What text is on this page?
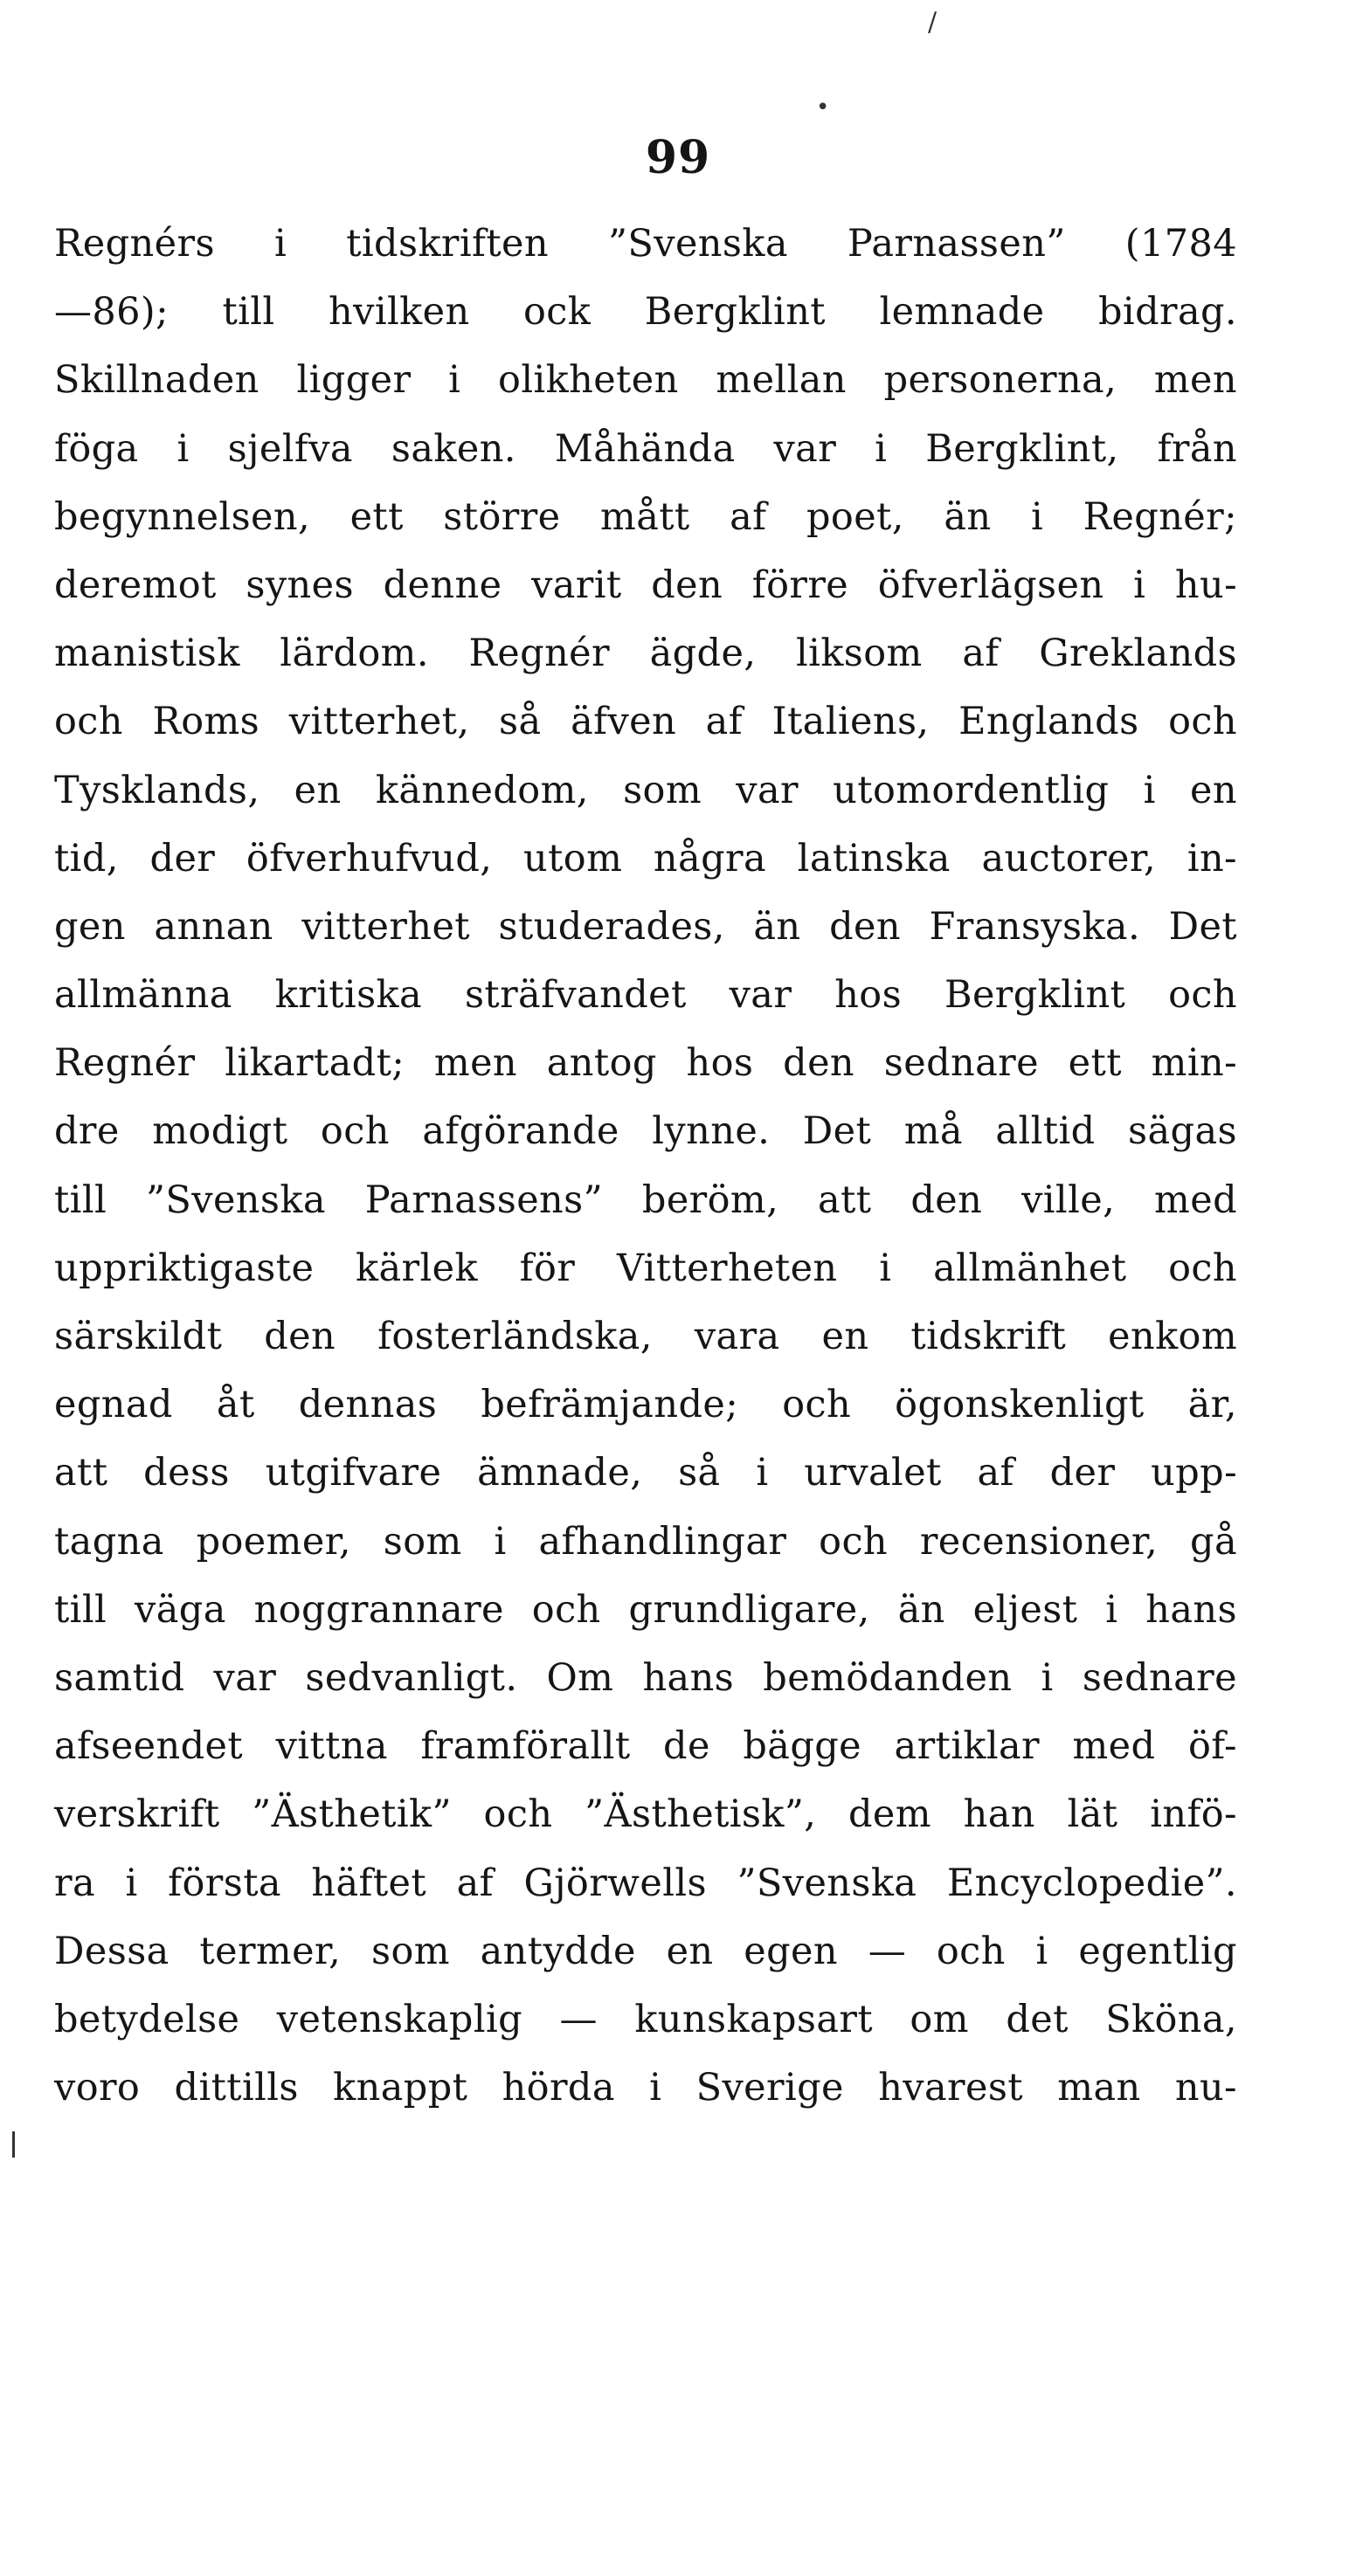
/
•
99
Regnérs i tidskriften ”Svenska Parnassen” (1784
—86); till hvilken ock Bergklint lemnade bidrag.
Skillnaden ligger i olikheten mellan personerna, men
föga i sjelfva saken. Måhända var i Bergklint, från
begynnelsen, ett större mått af poet, än i Regnér;
deremot synes denne varit den förre öfverlägsen i hu-
manistisk lärdom. Regnér ägde, liksom af Greklands
och Roms vitterhet, så äfven af Italiens, Englands och
Tysklands, en kännedom, som var utomordentlig i en
tid, der öfverhufvud, utom några latinska auctorer, in-
gen annan vitterhet studerades, än den Fransyska. Det
allmänna kritiska sträfvandet var hos Bergklint och
Regnér likartadt; men antog hos den sednare ett min-
dre modigt och afgörande lynne. Det må alltid sägas
till ”Svenska Parnassens” beröm, att den ville, med
uppriktigaste kärlek för Vitterheten i allmänhet och
särskildt den fosterländska, vara en tidskrift enkom
egnad åt dennas befrämjande; och ögonskenligt är,
att dess utgifvare ämnade, så i urvalet af der upp-
tagna poemer, som i afhandlingar och recensioner, gå
till väga noggrannare och grundligare, än eljest i hans
samtid var sedvanligt. Om hans bemödanden i sednare
afseendet vittna framförallt de bägge artiklar med öf-
verskrift ”Ästhetik” och ”Ästhetisk”, dem han lät infö-
ra i första häftet af Gjörwells ”Svenska Encyclopedie”.
Dessa termer, som antydde en egen — och i egentlig
betydelse vetenskaplig — kunskapsart om det Sköna,
voro dittills knappt hörda i Sverige hvarest man nu-
